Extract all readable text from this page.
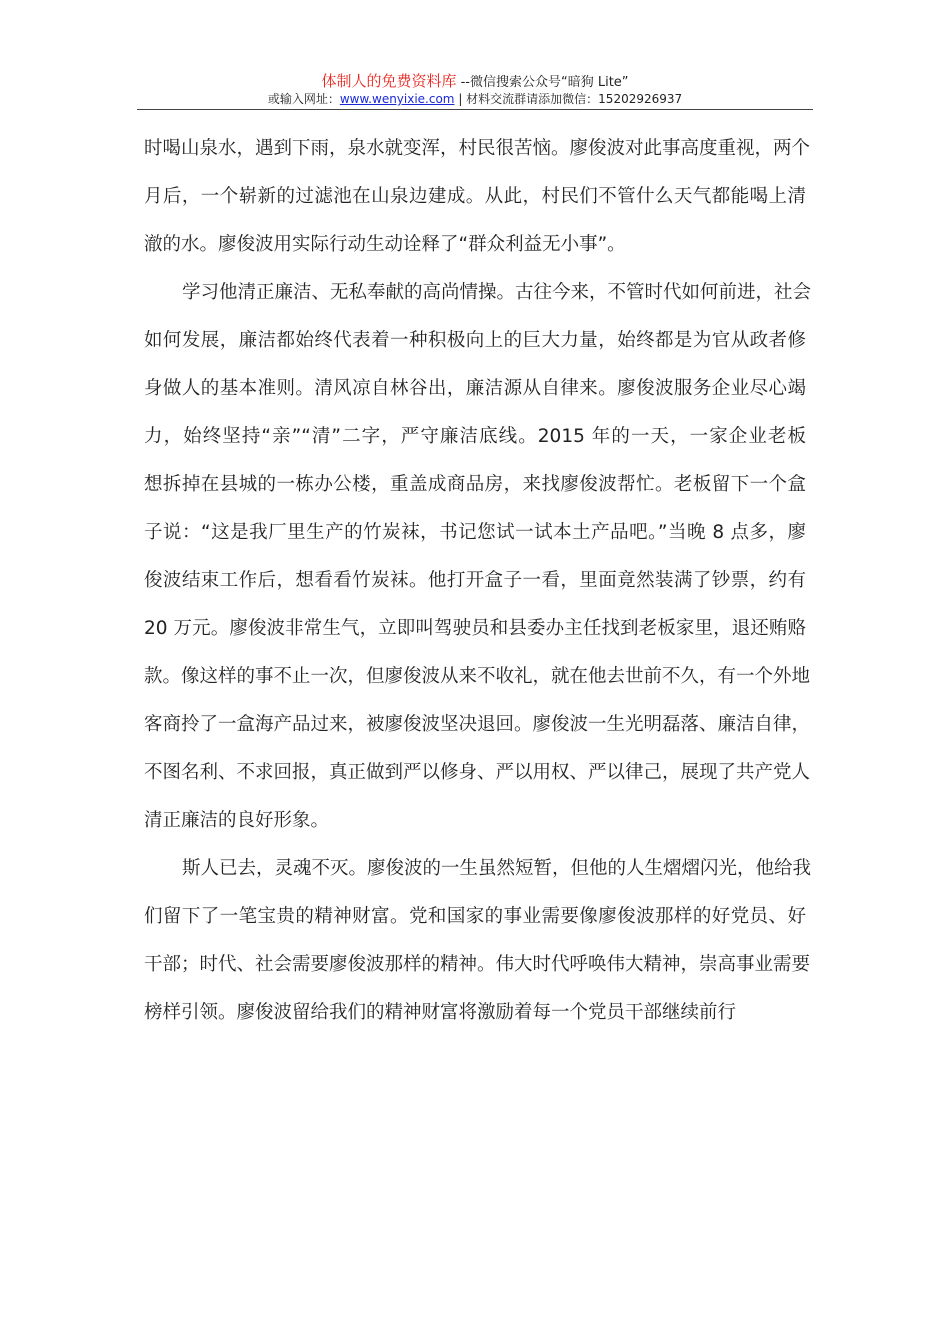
体制人的免费资料库 --微信搜索公众号“暗狗 Lite”
或输入网址：www.wenyixie.com | 材料交流群请添加微信：15202926937
时喝山泉水，遇到下雨，泉水就变浑，村民很苦恼。廖俊波对此事高度重视，两个
月后，一个崭新的过滤池在山泉边建成。从此，村民们不管什么天气都能喝上清
澈的水。廖俊波用实际行动生动诠释了“群众利益无小事”。
学习他清正廉洁、无私奉献的高尚情操。古往今来，不管时代如何前进，社会
如何发展，廉洁都始终代表着一种积极向上的巨大力量，始终都是为官从政者修
身做人的基本准则。清风凉自林谷出，廉洁源从自律来。廖俊波服务企业尽心竭
力，始终坚持“亲”“清”二字，严守廉洁底线。2015 年的一天，一家企业老板
想拆掉在县城的一栋办公楼，重盖成商品房，来找廖俊波帮忙。老板留下一个盒
子说：“这是我厂里生产的竹炭袜，书记您试一试本土产品吧。”当晚 8 点多，廖
俊波结束工作后，想看看竹炭袜。他打开盒子一看，里面竟然装满了钞票，约有
20 万元。廖俊波非常生气，立即叫驾驶员和县委办主任找到老板家里，退还贿赂
款。像这样的事不止一次，但廖俊波从来不收礼，就在他去世前不久，有一个外地
客商拎了一盒海产品过来，被廖俊波坚决退回。廖俊波一生光明磊落、廉洁自律，
不图名利、不求回报，真正做到严以修身、严以用权、严以律己，展现了共产党人
清正廉洁的良好形象。
斯人已去，灵魂不灭。廖俊波的一生虽然短暂，但他的人生熠熠闪光，他给我
们留下了一笔宝贵的精神财富。党和国家的事业需要像廖俊波那样的好党员、好
干部；时代、社会需要廖俊波那样的精神。伟大时代呼唤伟大精神，崇高事业需要
榜样引领。廖俊波留给我们的精神财富将激励着每一个党员干部继续前行
